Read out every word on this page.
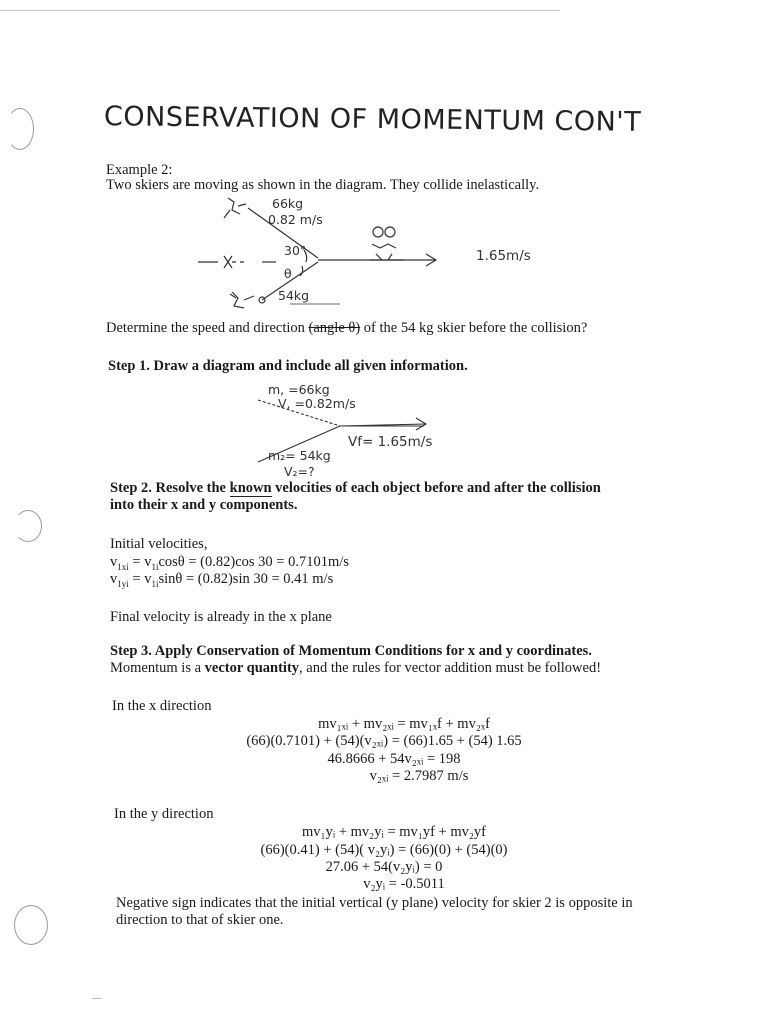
CONSERVATION OF MOMENTUM CON'T
Example 2:
Two skiers are moving as shown in the diagram. They collide inelastically.
66kg
0.82 m/s
30°
θ
1.65m/s
54kg
Determine the speed and direction (angle θ) of the 54 kg skier before the collision?
Step 1. Draw a diagram and include all given information.
m, =66kg
V, =0.82m/s
Vf= 1.65m/s
m₂= 54kg
V₂=?
Step 2. Resolve the known velocities of each object before and after the collision
into their x and y components.
Initial velocities,
$v_{1xi} = v_{1i}\cos\theta = (0.82)\cos$ 30 = 0.7101m/s
$v_{1yi} = v_{1i}\sin\theta = (0.82)\sin$ 30 = 0.41 m/s
Final velocity is already in the x plane
Step 3. Apply Conservation of Momentum Conditions for x and y coordinates.
Momentum is a vector quantity, and the rules for vector addition must be followed!
In the x direction
mv₁ₓᵢ + mv₂ₓᵢ = mv₁ₓf + mv₂ₓf
(66)(0.7101) + (54)(v₂ₓᵢ) = (66)1.65 + (54) 1.65
46.8666 + 54v₂ₓᵢ = 198
v₂ₓᵢ = 2.7987 m/s
In the y direction
mv₁yᵢ + mv₂yᵢ = mv₁yf + mv₂yf
(66)(0.41) + (54)( v₂yᵢ) = (66)(0) + (54)(0)
27.06 + 54(v₂yᵢ) = 0
v₂yᵢ = -0.5011
Negative sign indicates that the initial vertical (y plane) velocity for skier 2 is opposite in
direction to that of skier one.
